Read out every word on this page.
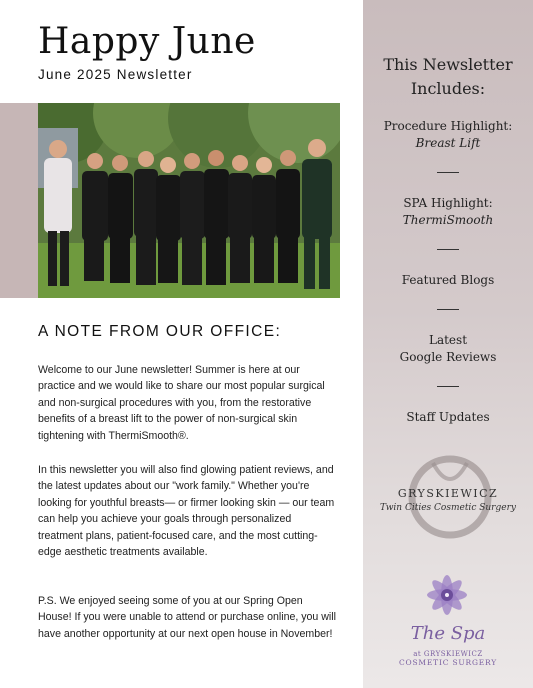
Happy June
June 2025 Newsletter
A NOTE FROM OUR OFFICE:

Welcome to our June newsletter! Summer is here at our practice and we would like to share our most popular surgical and non-surgical procedures with you, from the restorative benefits of a breast lift to the power of non-surgical skin tightening with ThermiSmooth®.

In this newsletter you will also find glowing patient reviews, and the latest updates about our "work family." Whether you're looking for youthful breasts— or firmer looking skin — our team can help you achieve your goals through personalized treatment plans, patient-focused care, and the most cutting-edge aesthetic treatments available.

P.S. We enjoyed seeing some of you at our Spring Open House! If you were unable to attend or purchase online, you will have another opportunity at our next open house in November!

This Newsletter
Includes:
Procedure Highlight:
Breast Lift
SPA Highlight:
ThermiSmooth
Featured Blogs
Latest
Google Reviews
Staff Updates
GRYSKIEWICZ
Twin Cities Cosmetic Surgery
The Spa
at GRYSKIEWICZ
COSMETIC SURGERY
